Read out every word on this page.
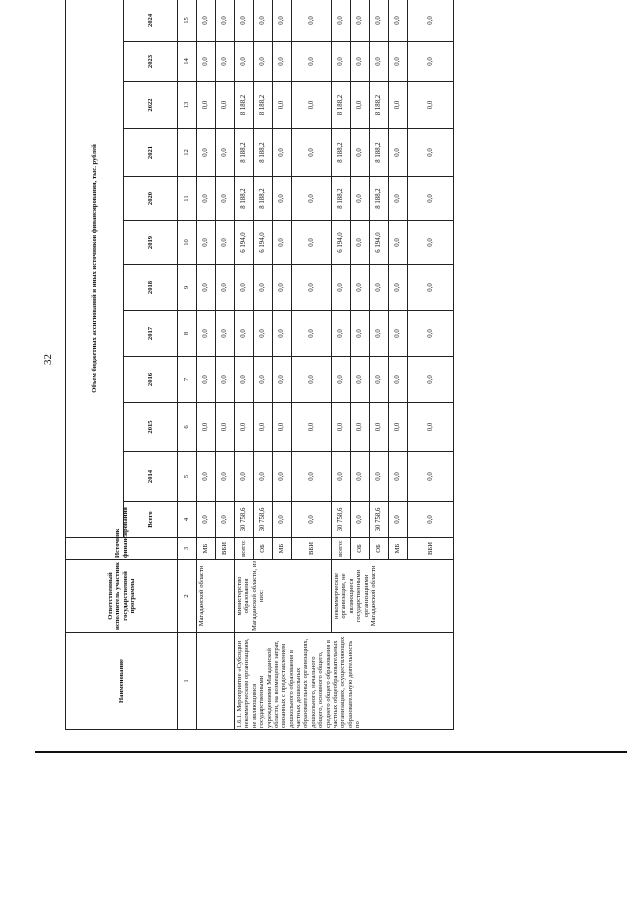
32
Наименование	Ответственный исполнитель участник государственной программы	Источник финансирования	Объем бюджетных ассигнований и иных источников финансирования, тыс. рублей											
			Всего	2014	2015	2016	2017	2018	2019	2020	2021	2022	2023	2024
1	2	3	4	5	6	7	8	9	10	11	12	13	14	15
	Магаданской области	МБ	0,0	0,0	0,0	0,0	0,0	0,0	0,0	0,0	0,0	0,0	0,0	0,0
		ВБИ	0,0	0,0	0,0	0,0	0,0	0,0	0,0	0,0	0,0	0,0	0,0	0,0
1.6.1. Мероприятие «Субсидии некоммерческим организациям, не являющимся государственными учреждениями Магаданской области, на возмещение затрат, связанных с предоставлением дошкольного образования в частных дошкольных образовательных организациях, дошкольного, начального общего, основного общего, среднего общего образования в частных общеобразовательных организациях, осуществляющих образовательную деятельность по	министерство образования Магаданской области, из них:	всего:	30 758,6	0,0	0,0	0,0	0,0	0,0	6 194,0	8 188,2	8 188,2	8 188,2	0,0	0,0
		ОБ	30 758,6	0,0	0,0	0,0	0,0	0,0	6 194,0	8 188,2	8 188,2	8 188,2	0,0	0,0
		МБ	0,0	0,0	0,0	0,0	0,0	0,0	0,0	0,0	0,0	0,0	0,0	0,0
		ВБИ	0,0	0,0	0,0	0,0	0,0	0,0	0,0	0,0	0,0	0,0	0,0	0,0
	некоммерческие организации, не являющиеся государственными организациями Магаданской области	всего:	30 758,6	0,0	0,0	0,0	0,0	0,0	6 194,0	8 188,2	8 188,2	8 188,2	0,0	0,0
		ОБ	0,0	0,0	0,0	0,0	0,0	0,0	0,0	0,0	0,0	0,0	0,0	0,0
		ОБ	30 758,6	0,0	0,0	0,0	0,0	0,0	6 194,0	8 188,2	8 188,2	8 188,2	0,0	0,0
		МБ	0,0	0,0	0,0	0,0	0,0	0,0	0,0	0,0	0,0	0,0	0,0	0,0
		ВБИ	0,0	0,0	0,0	0,0	0,0	0,0	0,0	0,0	0,0	0,0	0,0	0,0
